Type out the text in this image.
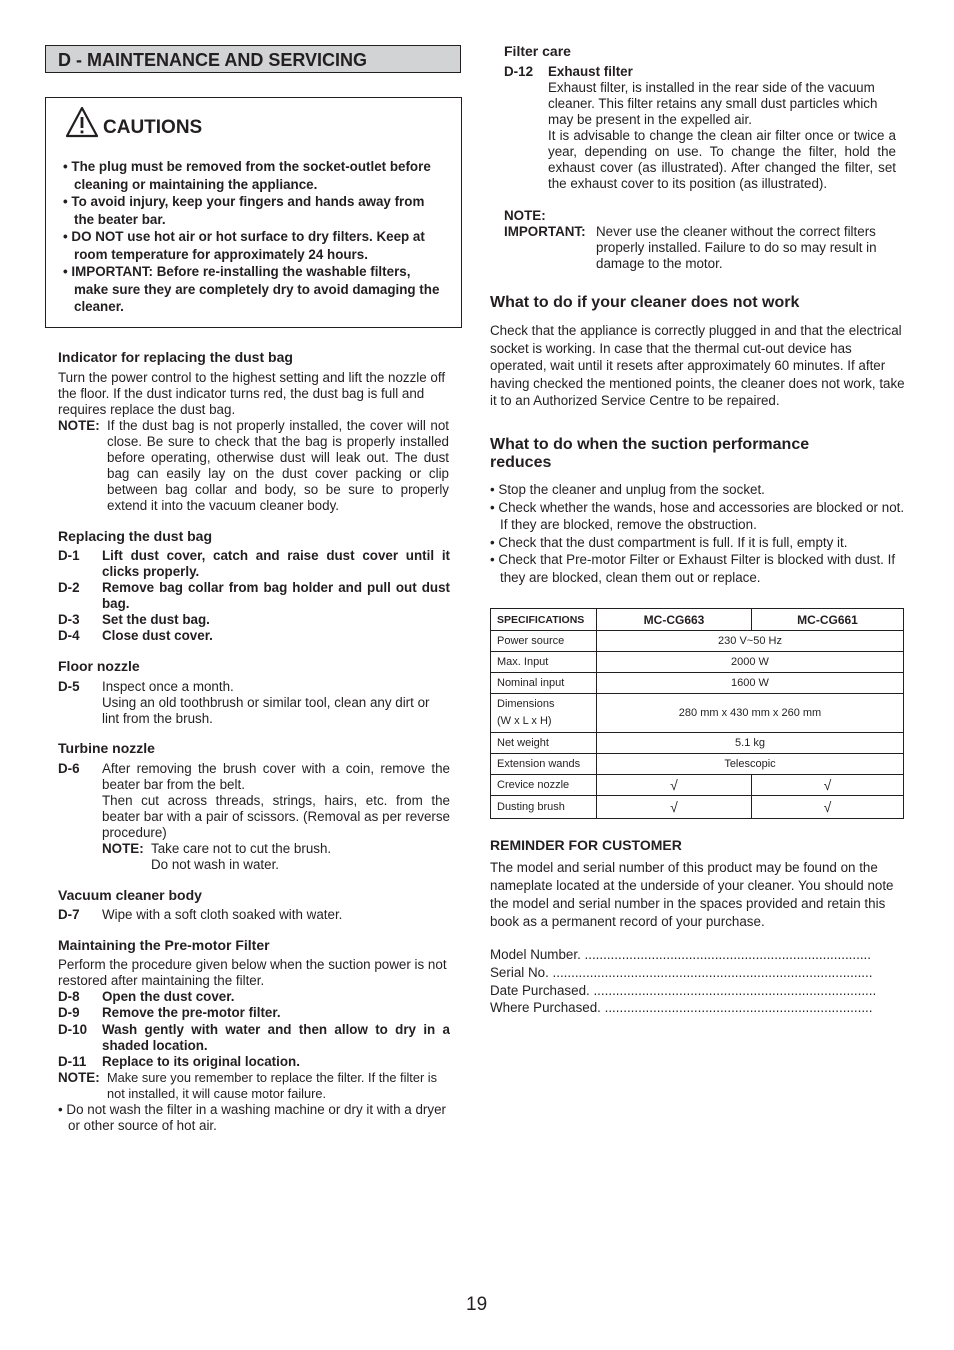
D - MAINTENANCE AND SERVICING
CAUTIONS
• The plug must be removed from the socket-outlet before cleaning or maintaining the appliance.
• To avoid injury, keep your fingers and hands away from the beater bar.
• DO NOT use hot air or hot surface to dry filters. Keep at room temperature for approximately 24 hours.
• IMPORTANT: Before re-installing the washable filters, make sure they are completely dry to avoid damaging the cleaner.
Indicator for replacing the dust bag
Turn the power control to the highest setting and lift the nozzle off the floor. If the dust indicator turns red, the dust bag is full and requires replace the dust bag.
NOTE: If the dust bag is not properly installed, the cover will not close. Be sure to check that the bag is properly installed before operating, otherwise dust will leak out. The dust bag can easily lay on the dust cover packing or clip between bag collar and body, so be sure to properly extend it into the vacuum cleaner body.
Replacing the dust bag
D-1 Lift dust cover, catch and raise dust cover until it clicks properly.
D-2 Remove bag collar from bag holder and pull out dust bag.
D-3 Set the dust bag.
D-4 Close dust cover.
Floor nozzle
D-5 Inspect once a month.
Using an old toothbrush or similar tool, clean any dirt or lint from the brush.
Turbine nozzle
D-6 After removing the brush cover with a coin, remove the beater bar from the belt.
Then cut across threads, strings, hairs, etc. from the beater bar with a pair of scissors. (Removal as per reverse procedure)
NOTE: Take care not to cut the brush.
Do not wash in water.
Vacuum cleaner body
D-7 Wipe with a soft cloth soaked with water.
Maintaining the Pre-motor Filter
Perform the procedure given below when the suction power is not restored after maintaining the filter.
D-8 Open the dust cover.
D-9 Remove the pre-motor filter.
D-10 Wash gently with water and then allow to dry in a shaded location.
D-11 Replace to its original location.
NOTE: Make sure you remember to replace the filter. If the filter is not installed, it will cause motor failure.
• Do not wash the filter in a washing machine or dry it with a dryer or other source of hot air.
Filter care
D-12 Exhaust filter
Exhaust filter, is installed in the rear side of the vacuum cleaner. This filter retains any small dust particles which may be present in the expelled air.
It is advisable to change the clean air filter once or twice a year, depending on use. To change the filter, hold the exhaust cover (as illustrated). After changed the filter, set the exhaust cover to its position (as illustrated).
NOTE:
IMPORTANT: Never use the cleaner without the correct filters properly installed. Failure to do so may result in damage to the motor.
What to do if your cleaner does not work
Check that the appliance is correctly plugged in and that the electrical socket is working. In case that the thermal cut-out device has operated, wait until it resets after approximately 60 minutes. If after having checked the mentioned points, the cleaner does not work, take it to an Authorized Service Centre to be repaired.
What to do when the suction performance reduces
• Stop the cleaner and unplug from the socket.
• Check whether the wands, hose and accessories are blocked or not. If they are blocked, remove the obstruction.
• Check that the dust compartment is full. If it is full, empty it.
• Check that Pre-motor Filter or Exhaust Filter is blocked with dust. If they are blocked, clean them out or replace.
SPECIFICATIONS	MC-CG663	MC-CG661
Power source	230 V~50 Hz	
Max. Input	2000 W	
Nominal input	1600 W	
Dimensions
(W x L x H)	280 mm x 430 mm x 260 mm	
Net weight	5.1 kg	
Extension wands	Telescopic	
Crevice nozzle	√	√
Dusting brush	√	√
REMINDER FOR CUSTOMER
The model and serial number of this product may be found on the nameplate located at the underside of your cleaner. You should note the model and serial number in the spaces provided and retain this book as a permanent record of your purchase.
Model Number. .............................................................................
Serial No. ......................................................................................
Date Purchased. ............................................................................
Where Purchased. ........................................................................
19
